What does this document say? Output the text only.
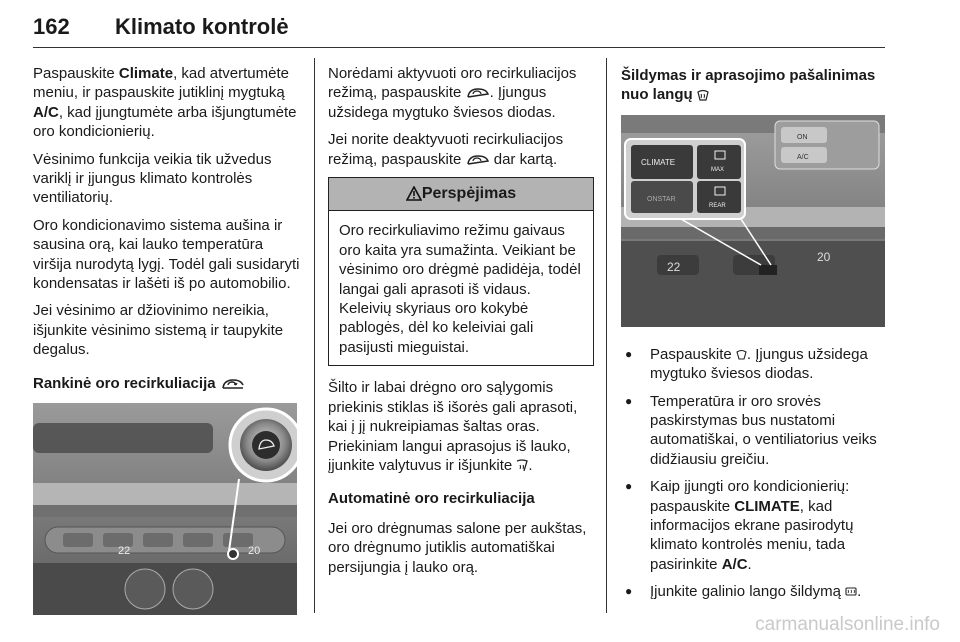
162 Klimato kontrolė

Paspauskite Climate, kad atvertumėte meniu, ir paspauskite jutiklinį mygtuką A/C, kad įjungtumėte arba išjungtumėte oro kondicionierių.

Vėsinimo funkcija veikia tik užvedus variklį ir įjungus klimato kontrolės ventiliatorių.

Oro kondicionavimo sistema aušina ir sausina orą, kai lauko temperatūra viršija nurodytą lygį. Todėl gali susidaryti kondensatas ir lašėti iš po automobilio.

Jei vėsinimo ar džiovinimo nereikia, išjunkite vėsinimo sistemą ir taupykite degalus.

Rankinė oro recirkuliacija
22	20

Norėdami aktyvuoti oro recirkuliacijos režimą, paspauskite . Įjungus užsidega mygtuko šviesos diodas.

Jei norite deaktyvuoti recirkuliacijos režimą, paspauskite  dar kartą.

Perspėjimas
Oro recirkuliavimo režimu gaivaus oro kaita yra sumažinta. Veikiant be vėsinimo oro drėgmė padidėja, todėl langai gali aprasoti iš vidaus. Keleivių skyriaus oro kokybė pablogės, dėl ko keleiviai gali pasijusti mieguistai.

Šilto ir labai drėgno oro sąlygomis priekinis stiklas iš išorės gali aprasoti, kai į jį nukreipiamas šaltas oras. Priekiniam langui aprasojus iš lauko, įjunkite valytuvus ir išjunkite .

Automatinė oro recirkuliacija

Jei oro drėgnumas salone per aukštas, oro drėgnumo jutiklis automatiškai persijungia į lauko orą.

Šildymas ir aprasojimo pašalinimas nuo langų
22
20
CLIMATE
ONSTAR
MAX
REAR
ON
A/C
● Paspauskite . Įjungus užsidega mygtuko šviesos diodas.
● Temperatūra ir oro srovės paskirstymas bus nustatomi automatiškai, o ventiliatorius veiks didžiausiu greičiu.
● Kaip įjungti oro kondicionierių: paspauskite CLIMATE, kad informacijos ekrane pasirodytų klimato kontrolės meniu, tada pasirinkite A/C.
● Įjunkite galinio lango šildymą .
carmanualsonline.info
